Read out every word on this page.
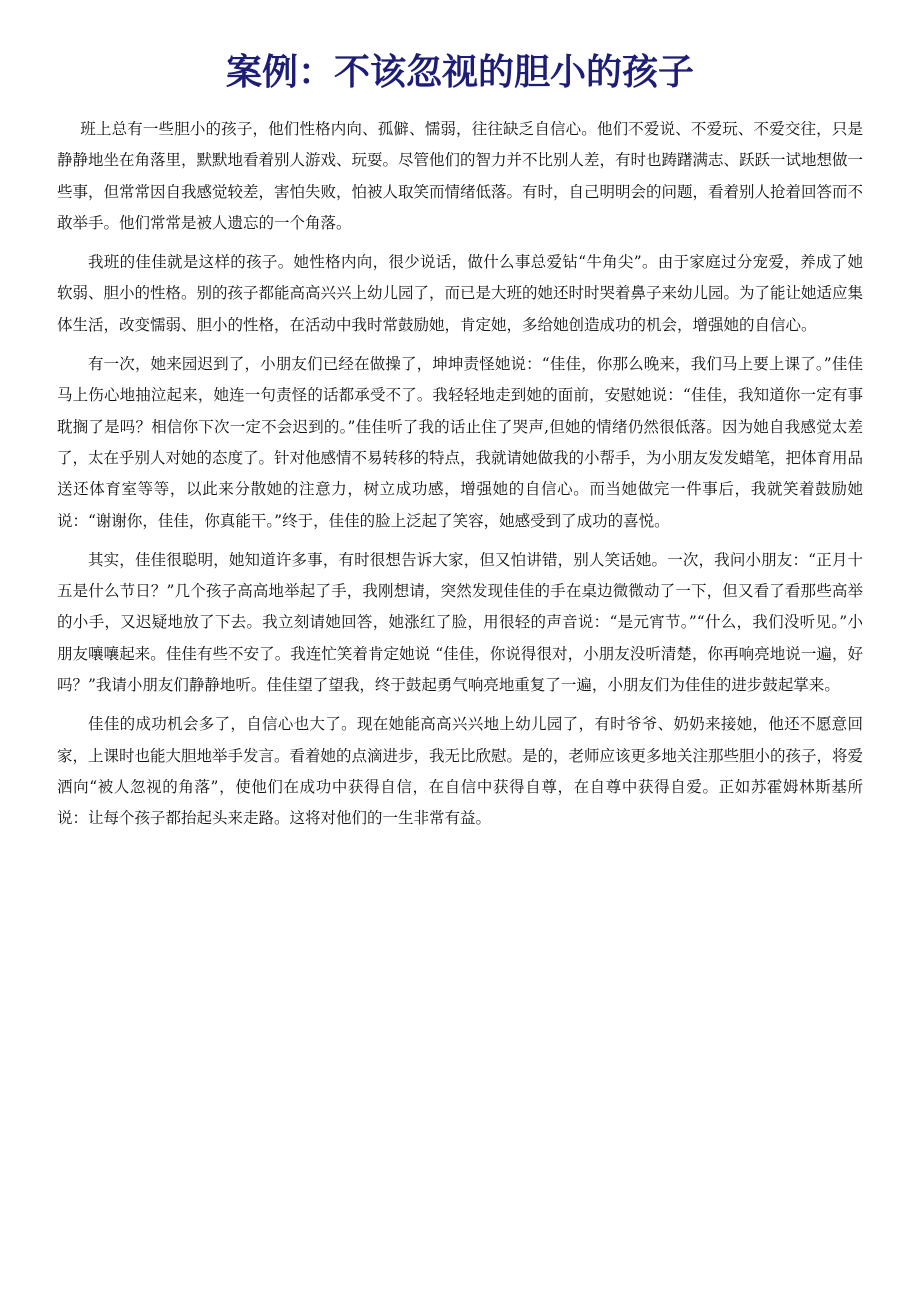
案例：不该忽视的胆小的孩子

班上总有一些胆小的孩子，他们性格内向、孤僻、懦弱，往往缺乏自信心。他们不爱说、不爱玩、不爱交往，只是静静地坐在角落里，默默地看着别人游戏、玩耍。尽管他们的智力并不比别人差，有时也踌躇满志、跃跃一试地想做一些事，但常常因自我感觉较差，害怕失败，怕被人取笑而情绪低落。有时，自己明明会的问题，看着别人抢着回答而不敢举手。他们常常是被人遗忘的一个角落。

我班的佳佳就是这样的孩子。她性格内向，很少说话，做什么事总爱钻“牛角尖”。由于家庭过分宠爱，养成了她软弱、胆小的性格。别的孩子都能高高兴兴上幼儿园了，而已是大班的她还时时哭着鼻子来幼儿园。为了能让她适应集体生活，改变懦弱、胆小的性格，在活动中我时常鼓励她，肯定她，多给她创造成功的机会，增强她的自信心。

有一次，她来园迟到了，小朋友们已经在做操了，坤坤责怪她说：“佳佳，你那么晚来，我们马上要上课了。”佳佳马上伤心地抽泣起来，她连一句责怪的话都承受不了。我轻轻地走到她的面前，安慰她说：“佳佳，我知道你一定有事耽搁了是吗？相信你下次一定不会迟到的。”佳佳听了我的话止住了哭声,但她的情绪仍然很低落。因为她自我感觉太差了，太在乎别人对她的态度了。针对他感情不易转移的特点，我就请她做我的小帮手，为小朋友发发蜡笔，把体育用品送还体育室等等，以此来分散她的注意力，树立成功感，增强她的自信心。而当她做完一件事后，我就笑着鼓励她说：“谢谢你，佳佳，你真能干。”终于，佳佳的脸上泛起了笑容，她感受到了成功的喜悦。

其实，佳佳很聪明，她知道许多事，有时很想告诉大家，但又怕讲错，别人笑话她。一次，我问小朋友：“正月十五是什么节日？”几个孩子高高地举起了手，我刚想请，突然发现佳佳的手在桌边微微动了一下，但又看了看那些高举的小手，又迟疑地放了下去。我立刻请她回答，她涨红了脸，用很轻的声音说：“是元宵节。”“什么，我们没听见。”小朋友嚷嚷起来。佳佳有些不安了。我连忙笑着肯定她说 “佳佳，你说得很对，小朋友没听清楚，你再响亮地说一遍，好吗？”我请小朋友们静静地听。佳佳望了望我，终于鼓起勇气响亮地重复了一遍，小朋友们为佳佳的进步鼓起掌来。

佳佳的成功机会多了，自信心也大了。现在她能高高兴兴地上幼儿园了，有时爷爷、奶奶来接她，他还不愿意回家，上课时也能大胆地举手发言。看着她的点滴进步，我无比欣慰。是的，老师应该更多地关注那些胆小的孩子，将爱洒向“被人忽视的角落”，使他们在成功中获得自信，在自信中获得自尊，在自尊中获得自爱。正如苏霍姆林斯基所说：让每个孩子都抬起头来走路。这将对他们的一生非常有益。
